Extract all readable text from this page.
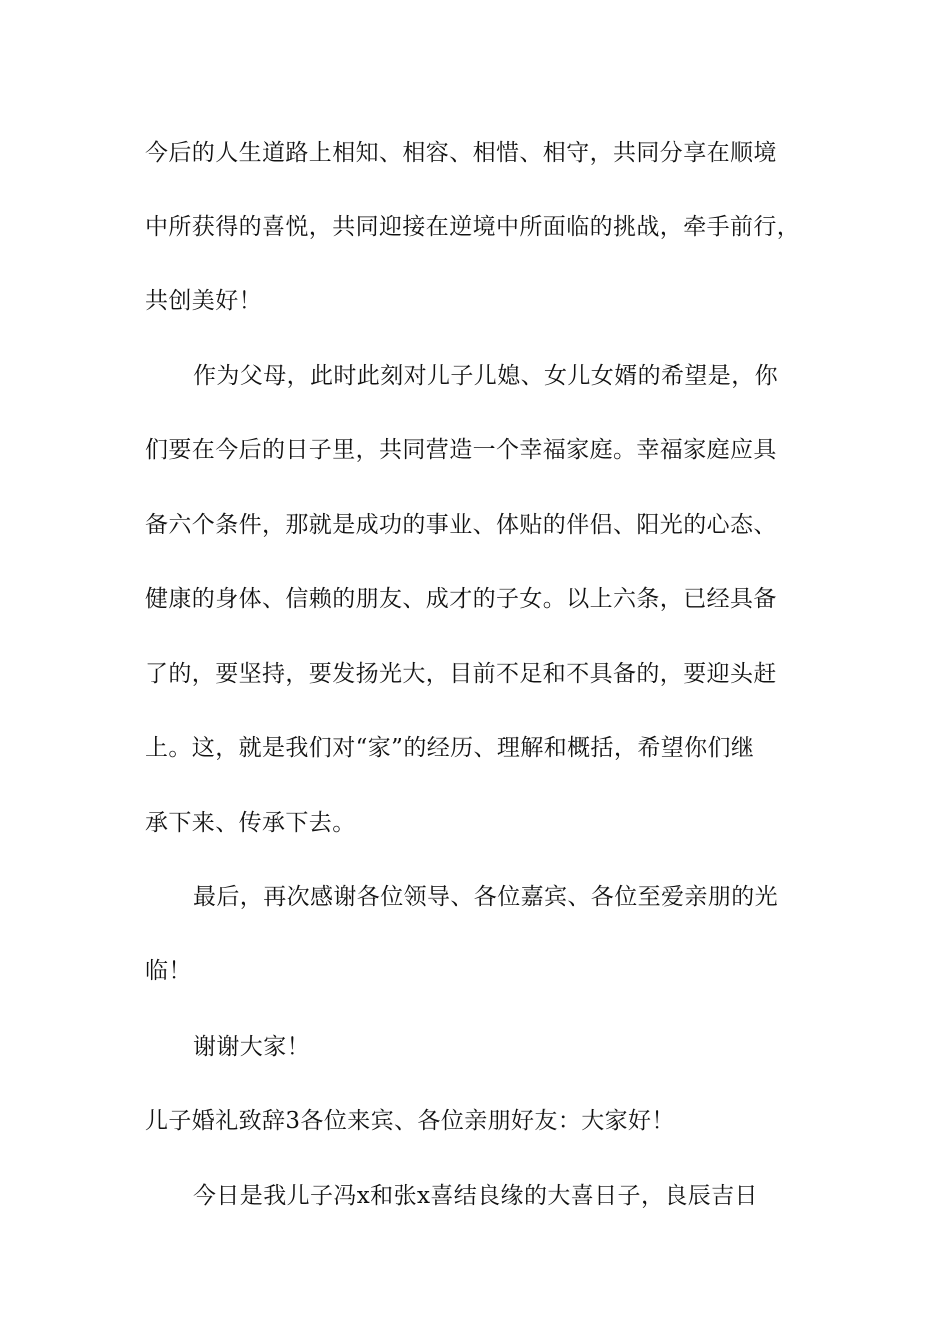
今后的人生道路上相知、相容、相惜、相守，共同分享在顺境
中所获得的喜悦，共同迎接在逆境中所面临的挑战，牵手前行，
共创美好！
作为父母，此时此刻对儿子儿媳、女儿女婿的希望是，你
们要在今后的日子里，共同营造一个幸福家庭。幸福家庭应具
备六个条件，那就是成功的事业、体贴的伴侣、阳光的心态、
健康的身体、信赖的朋友、成才的子女。以上六条，已经具备
了的，要坚持，要发扬光大，目前不足和不具备的，要迎头赶
上。这，就是我们对“家”的经历、理解和概括，希望你们继
承下来、传承下去。
最后，再次感谢各位领导、各位嘉宾、各位至爱亲朋的光
临！
谢谢大家！
儿子婚礼致辞3各位来宾、各位亲朋好友：大家好！
今日是我儿子冯x和张x喜结良缘的大喜日子，良辰吉日
